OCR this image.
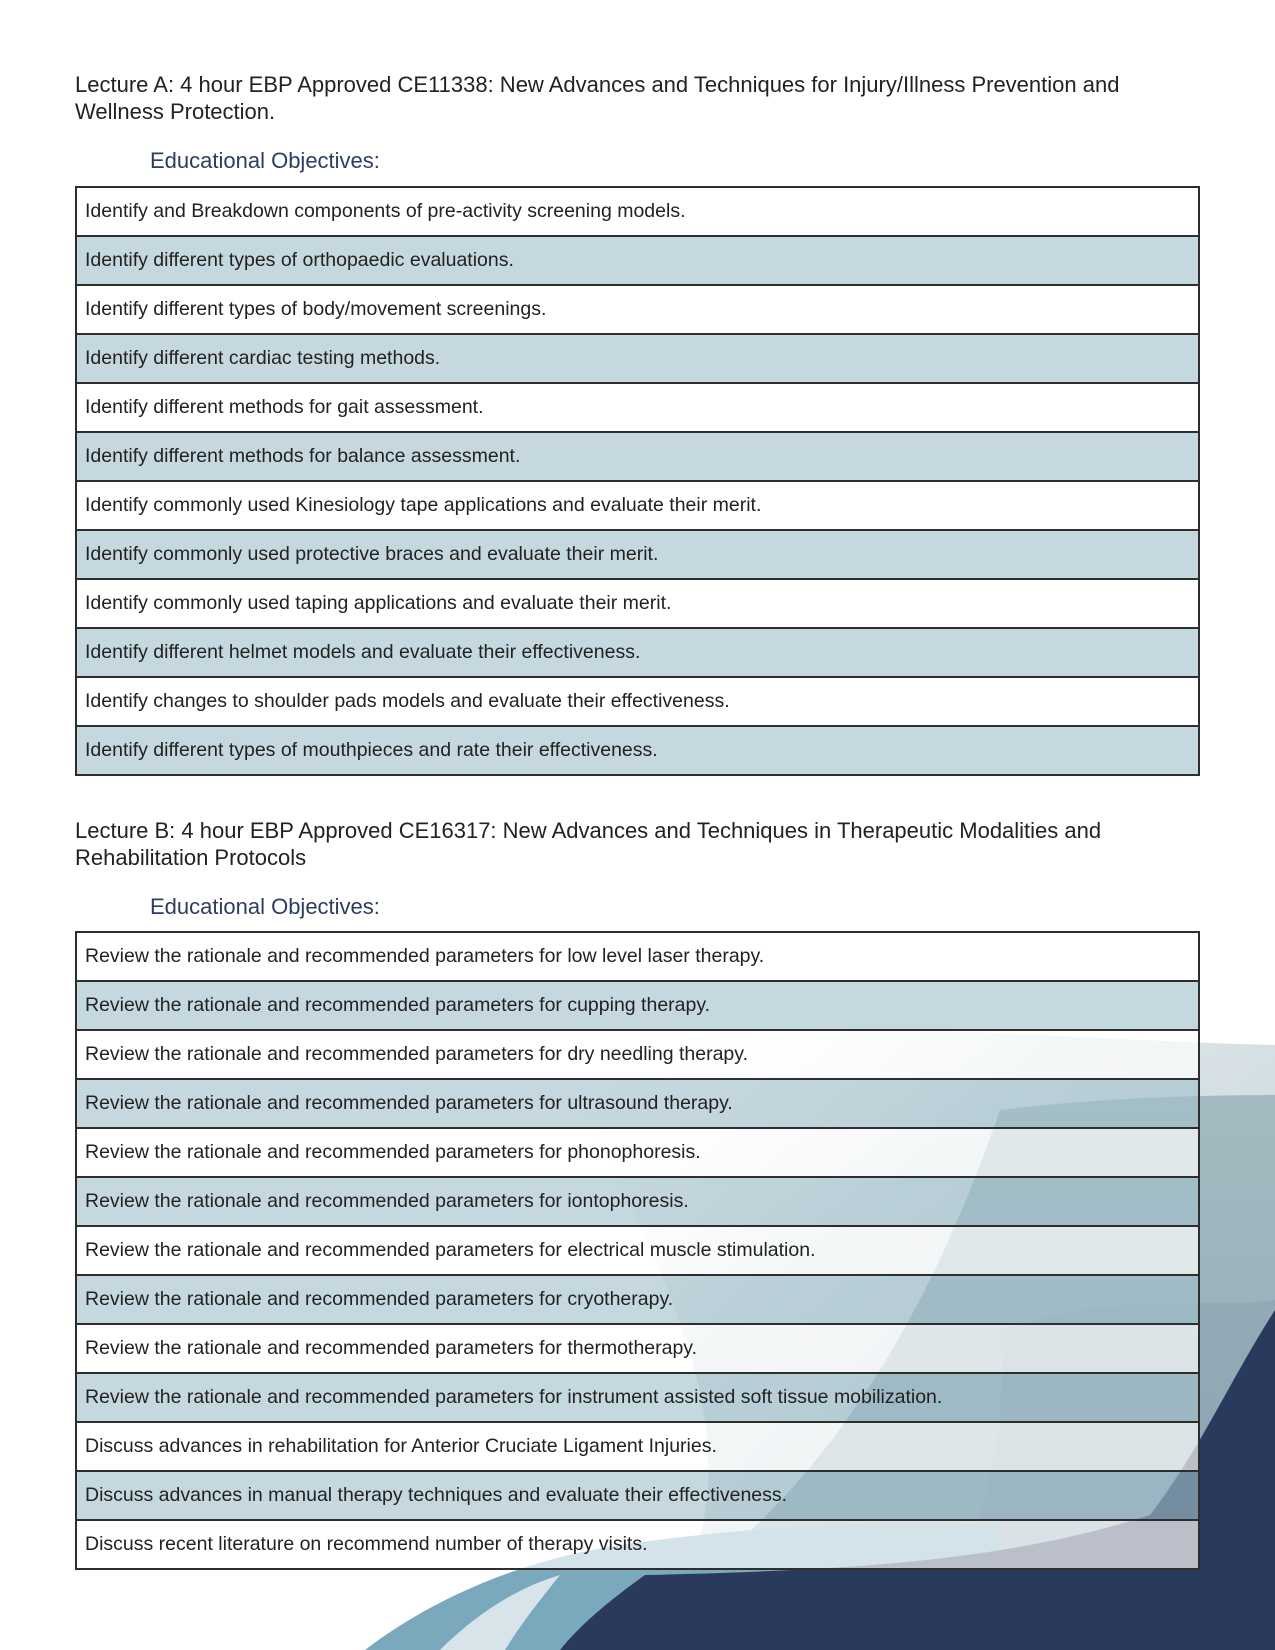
Lecture A: 4 hour EBP Approved CE11338: New Advances and Techniques for Injury/Illness Prevention and Wellness Protection.
Educational Objectives:
Identify and Breakdown components of pre-activity screening models.
Identify different types of orthopaedic evaluations.
Identify different types of body/movement screenings.
Identify different cardiac testing methods.
Identify different methods for gait assessment.
Identify different methods for balance assessment.
Identify commonly used Kinesiology tape applications and evaluate their merit.
Identify commonly used protective braces and evaluate their merit.
Identify commonly used taping applications and evaluate their merit.
Identify different helmet models and evaluate their effectiveness.
Identify changes to shoulder pads models and evaluate their effectiveness.
Identify different types of mouthpieces and rate their effectiveness.
Lecture B: 4 hour EBP Approved CE16317: New Advances and Techniques in Therapeutic Modalities and Rehabilitation Protocols
Educational Objectives:
Review the rationale and recommended parameters for low level laser therapy.
Review the rationale and recommended parameters for cupping therapy.
Review the rationale and recommended parameters for dry needling therapy.
Review the rationale and recommended parameters for ultrasound therapy.
Review the rationale and recommended parameters for phonophoresis.
Review the rationale and recommended parameters for iontophoresis.
Review the rationale and recommended parameters for electrical muscle stimulation.
Review the rationale and recommended parameters for cryotherapy.
Review the rationale and recommended parameters for thermotherapy.
Review the rationale and recommended parameters for instrument assisted soft tissue mobilization.
Discuss advances in rehabilitation for Anterior Cruciate Ligament Injuries.
Discuss advances in manual therapy techniques and evaluate their effectiveness.
Discuss recent literature on recommend number of therapy visits.
